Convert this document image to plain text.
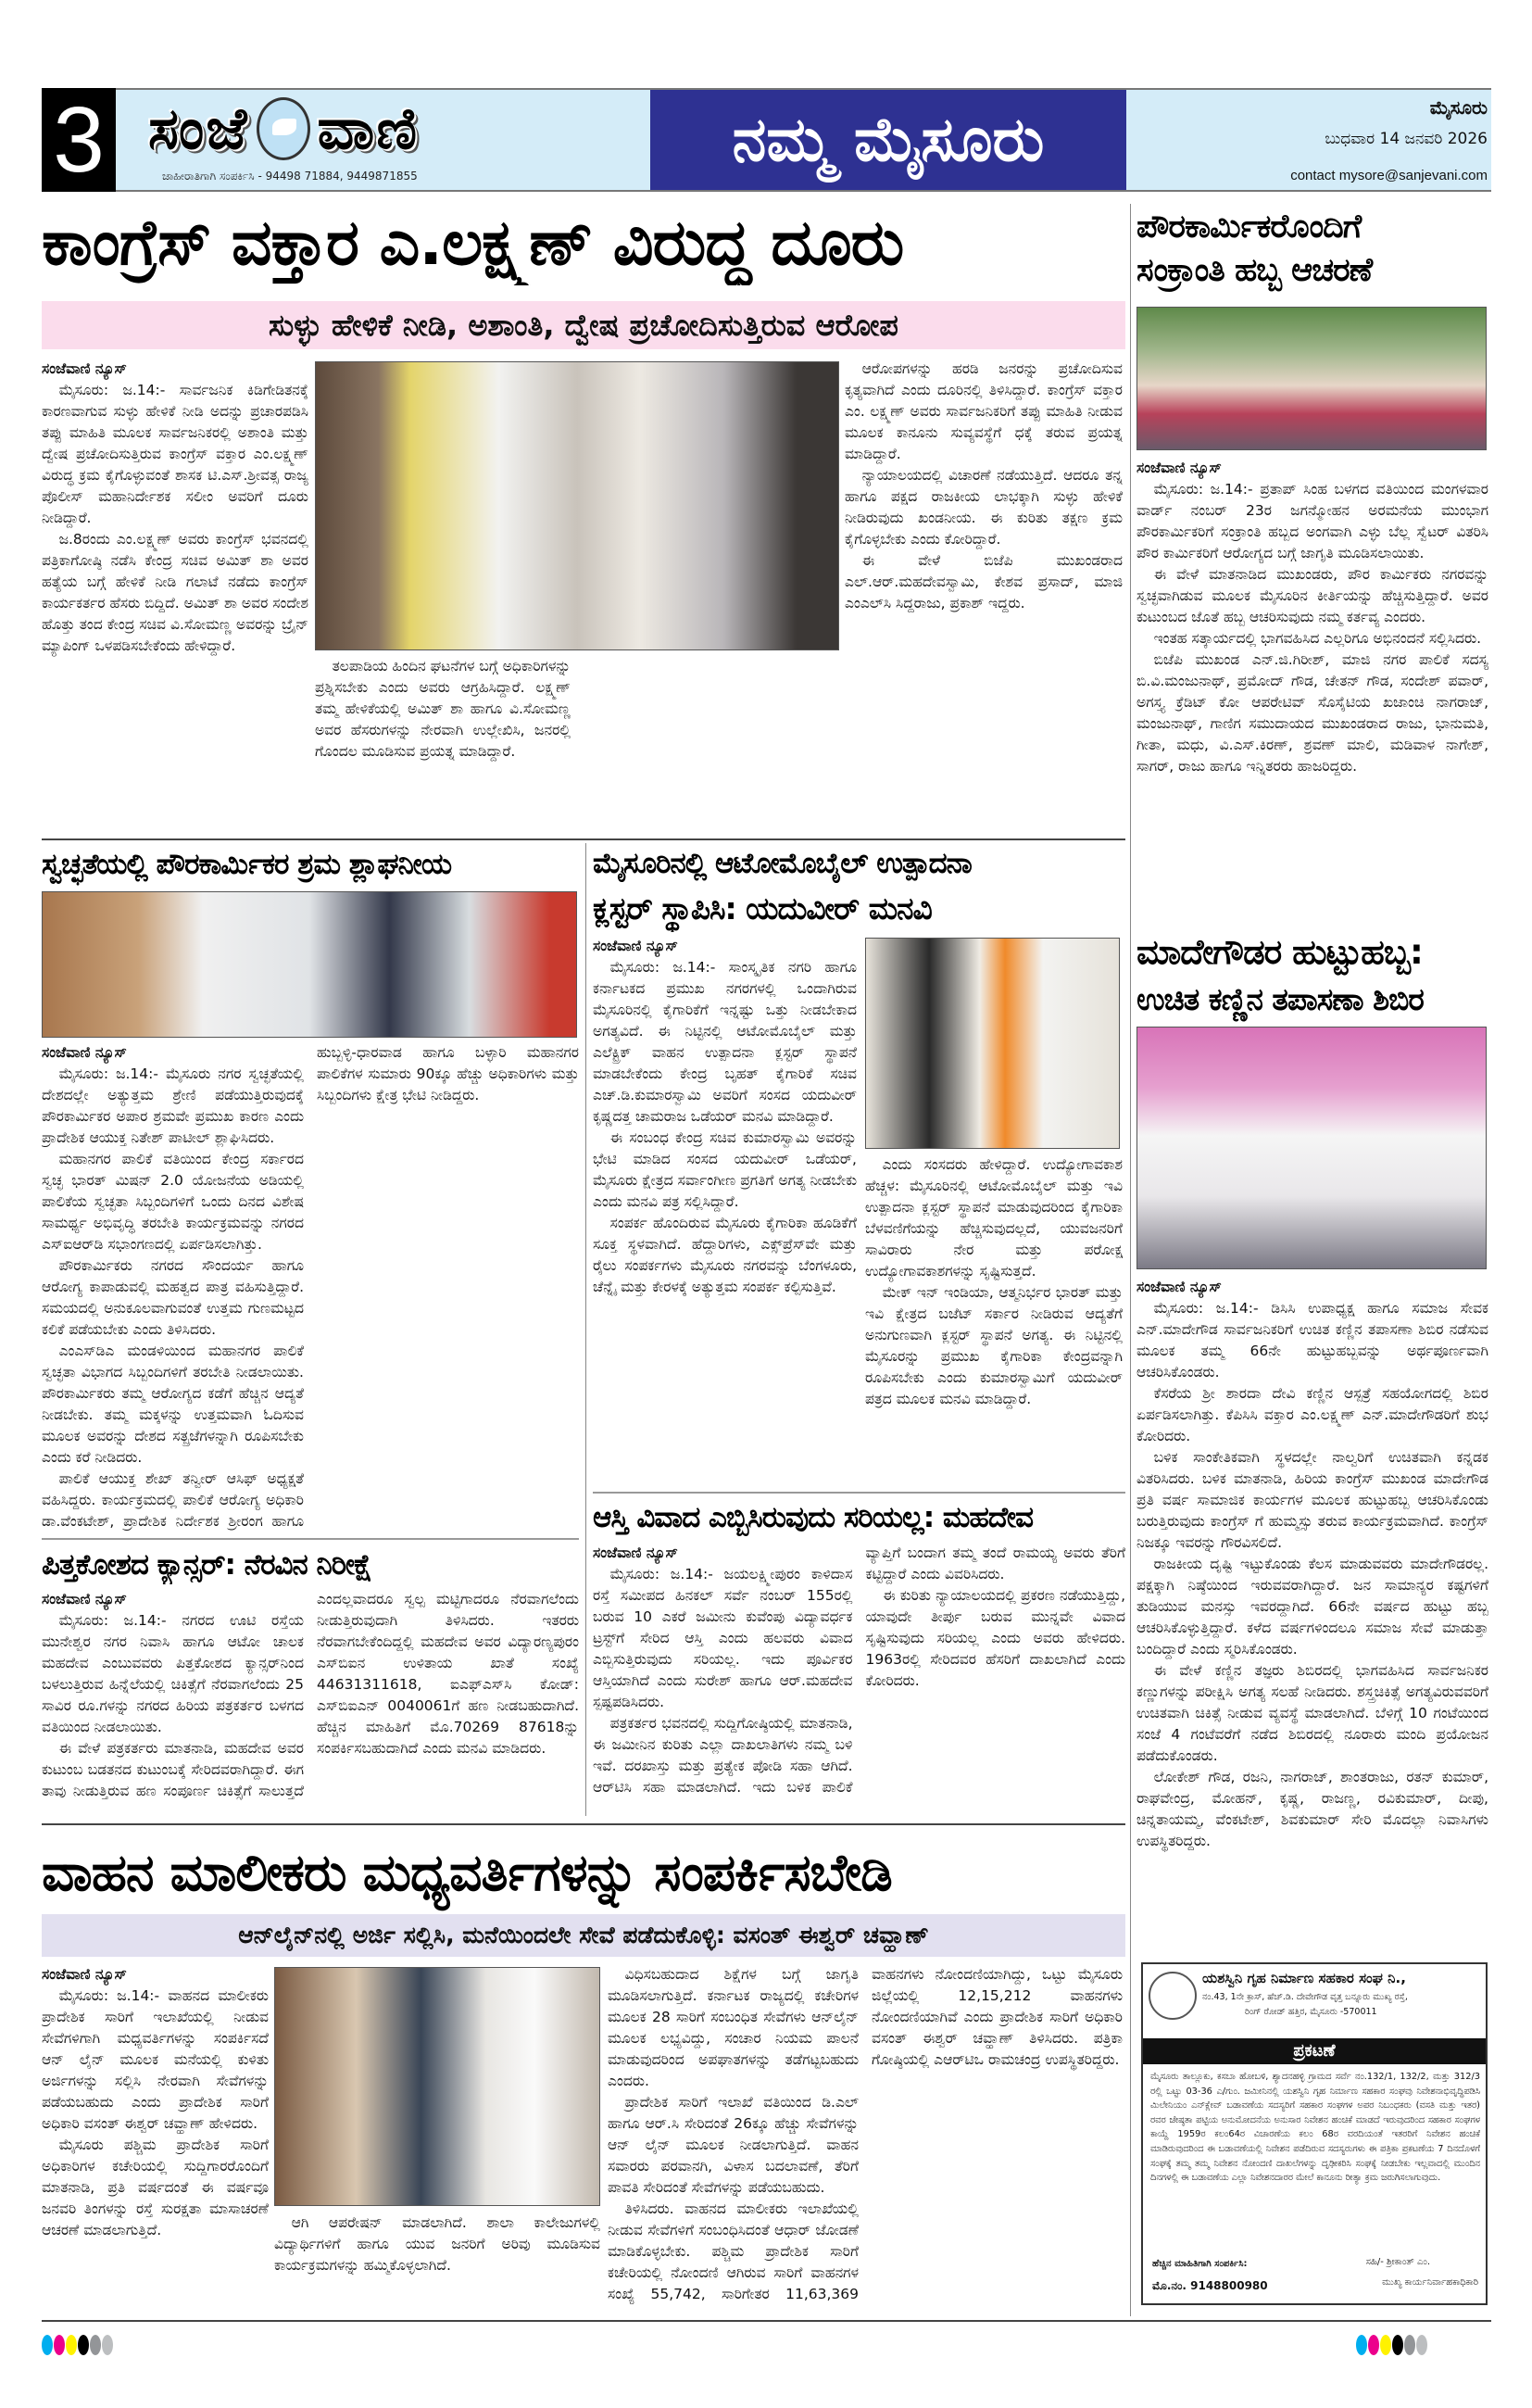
3 ಸಂಜೆ ವಾಣಿ
ಜಾಹೀರಾತಿಗಾಗಿ ಸಂಪರ್ಕಿಸಿ - 94498 71884, 9449871855
ನಮ್ಮ ಮೈಸೂರು	ಮೈಸೂರು
ಬುಧವಾರ 14 ಜನವರಿ 2026
contact mysore@sanjevani.com
ಕಾಂಗ್ರೆಸ್ ವಕ್ತಾರ ಎ.ಲಕ್ಷ್ಮಣ್ ವಿರುದ್ಧ ದೂರು
ಸುಳ್ಳು ಹೇಳಿಕೆ ನೀಡಿ, ಅಶಾಂತಿ, ದ್ವೇಷ ಪ್ರಚೋದಿಸುತ್ತಿರುವ ಆರೋಪ

ಸಂಜೆವಾಣಿ ನ್ಯೂಸ್

ಮೈಸೂರು: ಜ.14:- ಸಾರ್ವಜನಿಕ ಕಿಡಿಗೇಡಿತನಕ್ಕೆ ಕಾರಣವಾಗುವ ಸುಳ್ಳು ಹೇಳಿಕೆ ನೀಡಿ ಅದನ್ನು ಪ್ರಚಾರಪಡಿಸಿ ತಪ್ಪು ಮಾಹಿತಿ ಮೂಲಕ ಸಾರ್ವಜನಿಕರಲ್ಲಿ ಅಶಾಂತಿ ಮತ್ತು ದ್ವೇಷ ಪ್ರಚೋದಿಸುತ್ತಿರುವ ಕಾಂಗ್ರೆಸ್ ವಕ್ತಾರ ಎಂ.ಲಕ್ಷ್ಮಣ್ ವಿರುದ್ಧ ಕ್ರಮ ಕೈಗೊಳ್ಳುವಂತೆ ಶಾಸಕ ಟಿ.ಎಸ್.ಶ್ರೀವತ್ಸ ರಾಜ್ಯ ಪೊಲೀಸ್ ಮಹಾನಿರ್ದೇಶಕ ಸಲೀಂ ಅವರಿಗೆ ದೂರು ನೀಡಿದ್ದಾರೆ.

ಜ.8ರಂದು ಎಂ.ಲಕ್ಷ್ಮಣ್ ಅವರು ಕಾಂಗ್ರೆಸ್ ಭವನದಲ್ಲಿ ಪತ್ರಿಕಾಗೋಷ್ಠಿ ನಡೆಸಿ ಕೇಂದ್ರ ಸಚಿವ ಅಮಿತ್ ಶಾ ಅವರ ಹತ್ಯೆಯ ಬಗ್ಗೆ ಹೇಳಿಕೆ ನೀಡಿ ಗಲಾಟೆ ನಡೆದು ಕಾಂಗ್ರೆಸ್ ಕಾರ್ಯಕರ್ತರ ಹೆಸರು ಬಿದ್ದಿದೆ. ಅಮಿತ್ ಶಾ ಅವರ ಸಂದೇಶ ಹೊತ್ತು ತಂದ ಕೇಂದ್ರ ಸಚಿವ ವಿ.ಸೋಮಣ್ಣ ಅವರನ್ನು ಬ್ರೈನ್ ಮ್ಯಾಪಿಂಗ್ ಒಳಪಡಿಸಬೇಕೆಂದು ಹೇಳಿದ್ದಾರೆ.

ತಲಪಾಡಿಯ ಹಿಂದಿನ ಘಟನೆಗಳ ಬಗ್ಗೆ ಅಧಿಕಾರಿಗಳನ್ನು ಪ್ರಶ್ನಿಸಬೇಕು ಎಂದು ಅವರು ಆಗ್ರಹಿಸಿದ್ದಾರೆ. ಲಕ್ಷ್ಮಣ್ ತಮ್ಮ ಹೇಳಿಕೆಯಲ್ಲಿ ಅಮಿತ್ ಶಾ ಹಾಗೂ ವಿ.ಸೋಮಣ್ಣ ಅವರ ಹೆಸರುಗಳನ್ನು ನೇರವಾಗಿ ಉಲ್ಲೇಖಿಸಿ, ಜನರಲ್ಲಿ ಗೊಂದಲ ಮೂಡಿಸುವ ಪ್ರಯತ್ನ ಮಾಡಿದ್ದಾರೆ.

ಆರೋಪಗಳನ್ನು ಹರಡಿ ಜನರನ್ನು ಪ್ರಚೋದಿಸುವ ಕೃತ್ಯವಾಗಿದೆ ಎಂದು ದೂರಿನಲ್ಲಿ ತಿಳಿಸಿದ್ದಾರೆ. ಕಾಂಗ್ರೆಸ್ ವಕ್ತಾರ ಎಂ. ಲಕ್ಷ್ಮಣ್ ಅವರು ಸಾರ್ವಜನಿಕರಿಗೆ ತಪ್ಪು ಮಾಹಿತಿ ನೀಡುವ ಮೂಲಕ ಕಾನೂನು ಸುವ್ಯವಸ್ಥೆಗೆ ಧಕ್ಕೆ ತರುವ ಪ್ರಯತ್ನ ಮಾಡಿದ್ದಾರೆ.

ನ್ಯಾಯಾಲಯದಲ್ಲಿ ವಿಚಾರಣೆ ನಡೆಯುತ್ತಿದೆ. ಆದರೂ ತನ್ನ ಹಾಗೂ ಪಕ್ಷದ ರಾಜಕೀಯ ಲಾಭಕ್ಕಾಗಿ ಸುಳ್ಳು ಹೇಳಿಕೆ ನೀಡಿರುವುದು ಖಂಡನೀಯ. ಈ ಕುರಿತು ತಕ್ಷಣ ಕ್ರಮ ಕೈಗೊಳ್ಳಬೇಕು ಎಂದು ಕೋರಿದ್ದಾರೆ.

ಈ ವೇಳೆ ಬಿಜೆಪಿ ಮುಖಂಡರಾದ ಎಲ್.ಆರ್.ಮಹದೇವಸ್ವಾಮಿ, ಕೇಶವ ಪ್ರಸಾದ್, ಮಾಜಿ ಎಂಎಲ್‌ಸಿ ಸಿದ್ದರಾಜು, ಪ್ರಕಾಶ್ ಇದ್ದರು.

ಪೌರಕಾರ್ಮಿಕರೊಂದಿಗೆ
ಸಂಕ್ರಾಂತಿ ಹಬ್ಬ ಆಚರಣೆ

ಸಂಜೆವಾಣಿ ನ್ಯೂಸ್

ಮೈಸೂರು: ಜ.14:- ಪ್ರತಾಪ್ ಸಿಂಹ ಬಳಗದ ವತಿಯಿಂದ ಮಂಗಳವಾರ ವಾರ್ಡ್ ನಂಬರ್ 23ರ ಜಗನ್ಮೋಹನ ಅರಮನೆಯ ಮುಂಭಾಗ ಪೌರಕಾರ್ಮಿಕರಿಗೆ ಸಂಕ್ರಾಂತಿ ಹಬ್ಬದ ಅಂಗವಾಗಿ ಎಳ್ಳು ಬೆಲ್ಲ ಸ್ವೆಟರ್ ವಿತರಿಸಿ ಪೌರ ಕಾರ್ಮಿಕರಿಗೆ ಆರೋಗ್ಯದ ಬಗ್ಗೆ ಜಾಗೃತಿ ಮೂಡಿಸಲಾಯಿತು.

ಈ ವೇಳೆ ಮಾತನಾಡಿದ ಮುಖಂಡರು, ಪೌರ ಕಾರ್ಮಿಕರು ನಗರವನ್ನು ಸ್ವಚ್ಛವಾಗಿಡುವ ಮೂಲಕ ಮೈಸೂರಿನ ಕೀರ್ತಿಯನ್ನು ಹೆಚ್ಚಿಸುತ್ತಿದ್ದಾರೆ. ಅವರ ಕುಟುಂಬದ ಜೊತೆ ಹಬ್ಬ ಆಚರಿಸುವುದು ನಮ್ಮ ಕರ್ತವ್ಯ ಎಂದರು.

ಇಂತಹ ಸತ್ಕಾರ್ಯದಲ್ಲಿ ಭಾಗವಹಿಸಿದ ಎಲ್ಲರಿಗೂ ಅಭಿನಂದನೆ ಸಲ್ಲಿಸಿದರು.

ಬಿಜೆಪಿ ಮುಖಂಡ ಎನ್.ಜಿ.ಗಿರೀಶ್, ಮಾಜಿ ನಗರ ಪಾಲಿಕೆ ಸದಸ್ಯ ಬಿ.ವಿ.ಮಂಜುನಾಥ್, ಪ್ರಮೋದ್ ಗೌಡ, ಚೇತನ್ ಗೌಡ, ಸಂದೇಶ್ ಪವಾರ್, ಅಗಸ್ತ್ಯ ಕ್ರೆಡಿಟ್ ಕೋ ಆಪರೇಟಿವ್ ಸೊಸೈಟಿಯ ಖಜಾಂಚಿ ನಾಗರಾಜ್, ಮಂಜುನಾಥ್, ಗಾಣಿಗ ಸಮುದಾಯದ ಮುಖಂಡರಾದ ರಾಜು, ಭಾನುಮತಿ, ಗೀತಾ, ಮಧು, ವಿ.ಎಸ್.ಕಿರಣ್, ಶ್ರವಣ್ ಮಾಲಿ, ಮಡಿವಾಳ ನಾಗೇಶ್, ಸಾಗರ್, ರಾಜು ಹಾಗೂ ಇನ್ನಿತರರು ಹಾಜರಿದ್ದರು.

ಮಾದೇಗೌಡರ ಹುಟ್ಟುಹಬ್ಬ:
ಉಚಿತ ಕಣ್ಣಿನ ತಪಾಸಣಾ ಶಿಬಿರ

ಸಂಜೆವಾಣಿ ನ್ಯೂಸ್

ಮೈಸೂರು: ಜ.14:- ಡಿಸಿಸಿ ಉಪಾಧ್ಯಕ್ಷ ಹಾಗೂ ಸಮಾಜ ಸೇವಕ ಎನ್.ಮಾದೇಗೌಡ ಸಾರ್ವಜನಿಕರಿಗೆ ಉಚಿತ ಕಣ್ಣಿನ ತಪಾಸಣಾ ಶಿಬಿರ ನಡೆಸುವ ಮೂಲಕ ತಮ್ಮ 66ನೇ ಹುಟ್ಟುಹಬ್ಬವನ್ನು ಅರ್ಥಪೂರ್ಣವಾಗಿ ಆಚರಿಸಿಕೊಂಡರು.

ಕೆಸರೆಯ ಶ್ರೀ ಶಾರದಾ ದೇವಿ ಕಣ್ಣಿನ ಆಸ್ಪತ್ರೆ ಸಹಯೋಗದಲ್ಲಿ ಶಿಬಿರ ಏರ್ಪಡಿಸಲಾಗಿತ್ತು. ಕೆಪಿಸಿಸಿ ವಕ್ತಾರ ಎಂ.ಲಕ್ಷ್ಮಣ್ ಎನ್.ಮಾದೇಗೌಡರಿಗೆ ಶುಭ ಕೋರಿದರು.

ಬಳಿಕ ಸಾಂಕೇತಿಕವಾಗಿ ಸ್ಥಳದಲ್ಲೇ ನಾಲ್ವರಿಗೆ ಉಚಿತವಾಗಿ ಕನ್ನಡಕ ವಿತರಿಸಿದರು. ಬಳಿಕ ಮಾತನಾಡಿ, ಹಿರಿಯ ಕಾಂಗ್ರೆಸ್ ಮುಖಂಡ ಮಾದೇಗೌಡ ಪ್ರತಿ ವರ್ಷ ಸಾಮಾಜಿಕ ಕಾರ್ಯಗಳ ಮೂಲಕ ಹುಟ್ಟುಹಬ್ಬ ಆಚರಿಸಿಕೊಂಡು ಬರುತ್ತಿರುವುದು ಕಾಂಗ್ರೆಸ್ ಗೆ ಹುಮ್ಮಸ್ಸು ತರುವ ಕಾರ್ಯಕ್ರಮವಾಗಿದೆ. ಕಾಂಗ್ರೆಸ್ ನಿಜಕ್ಕೂ ಇವರನ್ನು ಗೌರವಿಸಲಿದೆ.

ರಾಜಕೀಯ ದೃಷ್ಟಿ ಇಟ್ಟುಕೊಂಡು ಕೆಲಸ ಮಾಡುವವರು ಮಾದೇಗೌಡರಲ್ಲ. ಪಕ್ಷಕ್ಕಾಗಿ ನಿಷ್ಠೆಯಿಂದ ಇರುವವರಾಗಿದ್ದಾರೆ. ಜನ ಸಾಮಾನ್ಯರ ಕಷ್ಟಗಳಿಗೆ ತುಡಿಯುವ ಮನಸ್ಸು ಇವರದ್ದಾಗಿದೆ. 66ನೇ ವರ್ಷದ ಹುಟ್ಟು ಹಬ್ಬ ಆಚರಿಸಿಕೊಳ್ಳುತ್ತಿದ್ದಾರೆ. ಕಳೆದ ವರ್ಷಗಳಿಂದಲೂ ಸಮಾಜ ಸೇವೆ ಮಾಡುತ್ತಾ ಬಂದಿದ್ದಾರೆ ಎಂದು ಸ್ಮರಿಸಿಕೊಂಡರು.

ಈ ವೇಳೆ ಕಣ್ಣಿನ ತಜ್ಞರು ಶಿಬಿರದಲ್ಲಿ ಭಾಗವಹಿಸಿದ ಸಾರ್ವಜನಿಕರ ಕಣ್ಣುಗಳನ್ನು ಪರೀಕ್ಷಿಸಿ ಅಗತ್ಯ ಸಲಹೆ ನೀಡಿದರು. ಶಸ್ತ್ರಚಿಕಿತ್ಸೆ ಅಗತ್ಯವಿರುವವರಿಗೆ ಉಚಿತವಾಗಿ ಚಿಕಿತ್ಸೆ ನೀಡುವ ವ್ಯವಸ್ಥೆ ಮಾಡಲಾಗಿದೆ. ಬೆಳಿಗ್ಗೆ 10 ಗಂಟೆಯಿಂದ ಸಂಜೆ 4 ಗಂಟೆವರೆಗೆ ನಡೆದ ಶಿಬಿರದಲ್ಲಿ ನೂರಾರು ಮಂದಿ ಪ್ರಯೋಜನ ಪಡೆದುಕೊಂಡರು.

ಲೋಕೇಶ್ ಗೌಡ, ರಜನಿ, ನಾಗರಾಜ್, ಶಾಂತರಾಜು, ರತನ್ ಕುಮಾರ್, ರಾಘವೇಂದ್ರ, ಮೋಹನ್, ಕೃಷ್ಣ, ರಾಜಣ್ಣ, ರವಿಕುಮಾರ್, ದೀಪು, ಚಿನ್ನತಾಯಮ್ಮ, ವೆಂಕಟೇಶ್, ಶಿವಕುಮಾರ್ ಸೇರಿ ಮೊದಲ್ಲಾ ನಿವಾಸಿಗಳು ಉಪಸ್ಥಿತರಿದ್ದರು.

ಯಶಸ್ವಿನಿ ಗೃಹ ನಿರ್ಮಾಣ ಸಹಕಾರ ಸಂಘ ನಿ.,
ನಂ.43, 1ನೇ ಕ್ರಾಸ್, ಹೆಚ್.ಡಿ. ದೇವೇಗೌಡ ವೃತ್ತ ಬನ್ನೂರು ಮುಖ್ಯ ರಸ್ತೆ,
ರಿಂಗ್ ರೋಡ್ ಹತ್ತಿರ, ಮೈಸೂರು -570011
ಪ್ರಕಟಣೆ
ಮೈಸೂರು ತಾಲ್ಲೂಕು, ಕಸಬಾ ಹೋಬಳಿ, ಶ್ಯಾದನಹಳ್ಳಿ ಗ್ರಾಮದ ಸರ್ವೆ ನಂ.132/1, 132/2, ಮತ್ತು 312/3 ರಲ್ಲಿ ಒಟ್ಟು 03-36 ಎ/ಗುಂ. ಜಮೀನಿನಲ್ಲಿ ಯಶಸ್ವಿನಿ ಗೃಹ ನಿರ್ಮಾಣ ಸಹಕಾರ ಸಂಘವು ನಿವೇಶನಾಭಿವೃದ್ಧಿಪಡಿಸಿ ಮಿಲೇನಿಯಂ ಎನ್‌ಕ್ಲೇವ್ ಬಡಾವಣೆಯ ಸದಸ್ಯರಿಗೆ ಸಹಕಾರ ಸಂಘಗಳ ಅಪರ ನಿಬಂಧಕರು (ವಸತಿ ಮತ್ತು ಇತರ) ರವರ ಜೇಷ್ಠತಾ ಪಟ್ಟಿಯ ಅನುಮೋದನೆಯ ಅನುಸಾರ ನಿವೇಶನ ಹಂಚಿಕೆ ಮಾಡದೆ ಇರುವುದರಿಂದ ಸಹಕಾರ ಸಂಘಗಳ ಕಾಯ್ದೆ 1959ರ ಕಲಂ64ರ ವಿಚಾರಣೆಯ ಕಲಂ 68ರ ವರದಿಯಂತೆ ಇತರರಿಗೆ ನಿವೇಶನ ಹಂಚಿಕೆ ಮಾಡಿರುವುದರಿಂದ ಈ ಬಡಾವಣೆಯಲ್ಲಿ ನಿವೇಶನ ಪಡೆದಿರುವ ಸದಸ್ಯರುಗಳು ಈ ಪತ್ರಿಕಾ ಪ್ರಕಟಣೆಯ 7 ದಿನದೊಳಗೆ ಸಂಘಕ್ಕೆ ತಮ್ಮ ತಮ್ಮ ನಿವೇಶನ ನೋಂದಣಿ ದಾಖಲೆಗಳನ್ನು ದೃಢೀಕರಿಸಿ ಸಂಘಕ್ಕೆ ನೀಡಬೇಕು ಇಲ್ಲವಾದಲ್ಲಿ ಮುಂದಿನ ದಿನಗಳಲ್ಲಿ ಈ ಬಡಾವಣೆಯ ಎಲ್ಲಾ ನಿವೇಶನದಾರರ ಮೇಲೆ ಕಾನೂನು ರೀತ್ಯಾ ಕ್ರಮ ಜರುಗಿಸಲಾಗುವುದು.
ಹೆಚ್ಚಿನ ಮಾಹಿತಿಗಾಗಿ ಸಂಪರ್ಕಿಸಿ:
ಮೊ.ನಂ. 9148800980
ಸಹಿ/- ಶ್ರೀಕಾಂತ್ ಎಂ.
ಮುಖ್ಯ ಕಾರ್ಯನಿರ್ವಾಹಕಾಧಿಕಾರಿ
ಸ್ವಚ್ಛತೆಯಲ್ಲಿ ಪೌರಕಾರ್ಮಿಕರ ಶ್ರಮ ಶ್ಲಾಘನೀಯ

ಸಂಜೆವಾಣಿ ನ್ಯೂಸ್

ಮೈಸೂರು: ಜ.14:- ಮೈಸೂರು ನಗರ ಸ್ವಚ್ಛತೆಯಲ್ಲಿ ದೇಶದಲ್ಲೇ ಅತ್ಯುತ್ತಮ ಶ್ರೇಣಿ ಪಡೆಯುತ್ತಿರುವುದಕ್ಕೆ ಪೌರಕಾರ್ಮಿಕರ ಅಪಾರ ಶ್ರಮವೇ ಪ್ರಮುಖ ಕಾರಣ ಎಂದು ಪ್ರಾದೇಶಿಕ ಆಯುಕ್ತ ನಿತೇಶ್ ಪಾಟೀಲ್ ಶ್ಲಾಘಿಸಿದರು.

ಮಹಾನಗರ ಪಾಲಿಕೆ ವತಿಯಿಂದ ಕೇಂದ್ರ ಸರ್ಕಾರದ ಸ್ವಚ್ಛ ಭಾರತ್ ಮಿಷನ್ 2.0 ಯೋಜನೆಯ ಅಡಿಯಲ್ಲಿ ಪಾಲಿಕೆಯ ಸ್ವಚ್ಛತಾ ಸಿಬ್ಬಂದಿಗಳಿಗೆ ಒಂದು ದಿನದ ವಿಶೇಷ ಸಾಮರ್ಥ್ಯ ಅಭಿವೃದ್ಧಿ ತರಬೇತಿ ಕಾರ್ಯಕ್ರಮವನ್ನು ನಗರದ ಎಸ್‌ಐಆರ್‌ಡಿ ಸಭಾಂಗಣದಲ್ಲಿ ಏರ್ಪಡಿಸಲಾಗಿತ್ತು.

ಪೌರಕಾರ್ಮಿಕರು ನಗರದ ಸೌಂದರ್ಯ ಹಾಗೂ ಆರೋಗ್ಯ ಕಾಪಾಡುವಲ್ಲಿ ಮಹತ್ವದ ಪಾತ್ರ ವಹಿಸುತ್ತಿದ್ದಾರೆ. ಸಮಯದಲ್ಲಿ ಅನುಕೂಲವಾಗುವಂತೆ ಉತ್ತಮ ಗುಣಮಟ್ಟದ ಕಲಿಕೆ ಪಡೆಯಬೇಕು ಎಂದು ತಿಳಿಸಿದರು.

ಎಂಎಸ್‌ಡಿಎ ಮಂಡಳಿಯಿಂದ ಮಹಾನಗರ ಪಾಲಿಕೆ ಸ್ವಚ್ಛತಾ ವಿಭಾಗದ ಸಿಬ್ಬಂದಿಗಳಿಗೆ ತರಬೇತಿ ನೀಡಲಾಯಿತು. ಪೌರಕಾರ್ಮಿಕರು ತಮ್ಮ ಆರೋಗ್ಯದ ಕಡೆಗೆ ಹೆಚ್ಚಿನ ಆದ್ಯತೆ ನೀಡಬೇಕು. ತಮ್ಮ ಮಕ್ಕಳನ್ನು ಉತ್ತಮವಾಗಿ ಓದಿಸುವ ಮೂಲಕ ಅವರನ್ನು ದೇಶದ ಸತ್ಪ್ರಜೆಗಳನ್ನಾಗಿ ರೂಪಿಸಬೇಕು ಎಂದು ಕರೆ ನೀಡಿದರು.

ಪಾಲಿಕೆ ಆಯುಕ್ತ ಶೇಖ್ ತನ್ವೀರ್ ಆಸಿಫ್ ಅಧ್ಯಕ್ಷತೆ ವಹಿಸಿದ್ದರು. ಕಾರ್ಯಕ್ರಮದಲ್ಲಿ ಪಾಲಿಕೆ ಆರೋಗ್ಯ ಅಧಿಕಾರಿ ಡಾ.ವೆಂಕಟೇಶ್, ಪ್ರಾದೇಶಿಕ ನಿರ್ದೇಶಕ ಶ್ರೀರಂಗ ಹಾಗೂ ಹುಬ್ಬಳ್ಳಿ-ಧಾರವಾಡ ಹಾಗೂ ಬಳ್ಳಾರಿ ಮಹಾನಗರ ಪಾಲಿಕೆಗಳ ಸುಮಾರು 90ಕ್ಕೂ ಹೆಚ್ಚು ಅಧಿಕಾರಿಗಳು ಮತ್ತು ಸಿಬ್ಬಂದಿಗಳು ಕ್ಷೇತ್ರ ಭೇಟಿ ನೀಡಿದ್ದರು.

ಪಿತ್ತಕೋಶದ ಕ್ಯಾನ್ಸರ್: ನೆರವಿನ ನಿರೀಕ್ಷೆ

ಸಂಜೆವಾಣಿ ನ್ಯೂಸ್

ಮೈಸೂರು: ಜ.14:- ನಗರದ ಊಟಿ ರಸ್ತೆಯ ಮುನೇಶ್ವರ ನಗರ ನಿವಾಸಿ ಹಾಗೂ ಆಟೋ ಚಾಲಕ ಮಹದೇವ ಎಂಬುವವರು ಪಿತ್ತಕೋಶದ ಕ್ಯಾನ್ಸರ್‌ನಿಂದ ಬಳಲುತ್ತಿರುವ ಹಿನ್ನೆಲೆಯಲ್ಲಿ ಚಿಕಿತ್ಸೆಗೆ ನೆರವಾಗಲೆಂದು 25 ಸಾವಿರ ರೂ.ಗಳನ್ನು ನಗರದ ಹಿರಿಯ ಪತ್ರಕರ್ತರ ಬಳಗದ ವತಿಯಿಂದ ನೀಡಲಾಯಿತು.

ಈ ವೇಳೆ ಪತ್ರಕರ್ತರು ಮಾತನಾಡಿ, ಮಹದೇವ ಅವರ ಕುಟುಂಬ ಬಡತನದ ಕುಟುಂಬಕ್ಕೆ ಸೇರಿದವರಾಗಿದ್ದಾರೆ. ಈಗ ತಾವು ನೀಡುತ್ತಿರುವ ಹಣ ಸಂಪೂರ್ಣ ಚಿಕಿತ್ಸೆಗೆ ಸಾಲುತ್ತದೆ ಎಂದಲ್ಲವಾದರೂ ಸ್ವಲ್ಪ ಮಟ್ಟಿಗಾದರೂ ನೆರವಾಗಲೆಂದು ನೀಡುತ್ತಿರುವುದಾಗಿ ತಿಳಿಸಿದರು. ಇತರರು ನೆರವಾಗಬೇಕೆಂದಿದ್ದಲ್ಲಿ ಮಹದೇವ ಅವರ ವಿದ್ಯಾರಣ್ಯಪುರಂ ಎಸ್‌ಬಿಐನ ಉಳಿತಾಯ ಖಾತೆ ಸಂಖ್ಯೆ 44631311618, ಐಎಫ್‌ಎಸ್‌ಸಿ ಕೋಡ್: ಎಸ್‌ಬಿಐಎನ್ 0040061ಗೆ ಹಣ ನೀಡಬಹುದಾಗಿದೆ. ಹೆಚ್ಚಿನ ಮಾಹಿತಿಗೆ ಮೊ.70269 87618ನ್ನು ಸಂಪರ್ಕಿಸಬಹುದಾಗಿದೆ ಎಂದು ಮನವಿ ಮಾಡಿದರು.

ಮೈಸೂರಿನಲ್ಲಿ ಆಟೋಮೊಬೈಲ್ ಉತ್ಪಾದನಾ
ಕ್ಲಸ್ಟರ್ ಸ್ಥಾಪಿಸಿ: ಯದುವೀರ್ ಮನವಿ

ಸಂಜೆವಾಣಿ ನ್ಯೂಸ್

ಮೈಸೂರು: ಜ.14:- ಸಾಂಸ್ಕೃತಿಕ ನಗರಿ ಹಾಗೂ ಕರ್ನಾಟಕದ ಪ್ರಮುಖ ನಗರಗಳಲ್ಲಿ ಒಂದಾಗಿರುವ ಮೈಸೂರಿನಲ್ಲಿ ಕೈಗಾರಿಕೆಗೆ ಇನ್ನಷ್ಟು ಒತ್ತು ನೀಡಬೇಕಾದ ಅಗತ್ಯವಿದೆ. ಈ ನಿಟ್ಟಿನಲ್ಲಿ ಆಟೋಮೊಬೈಲ್ ಮತ್ತು ಎಲೆಕ್ಟ್ರಿಕ್ ವಾಹನ ಉತ್ಪಾದನಾ ಕ್ಲಸ್ಟರ್ ಸ್ಥಾಪನೆ ಮಾಡಬೇಕೆಂದು ಕೇಂದ್ರ ಬೃಹತ್ ಕೈಗಾರಿಕೆ ಸಚಿವ ಎಚ್.ಡಿ.ಕುಮಾರಸ್ವಾಮಿ ಅವರಿಗೆ ಸಂಸದ ಯದುವೀರ್ ಕೃಷ್ಣದತ್ತ ಚಾಮರಾಜ ಒಡೆಯರ್ ಮನವಿ ಮಾಡಿದ್ದಾರೆ.

ಈ ಸಂಬಂಧ ಕೇಂದ್ರ ಸಚಿವ ಕುಮಾರಸ್ವಾಮಿ ಅವರನ್ನು ಭೇಟಿ ಮಾಡಿದ ಸಂಸದ ಯದುವೀರ್ ಒಡೆಯರ್, ಮೈಸೂರು ಕ್ಷೇತ್ರದ ಸರ್ವಾಂಗೀಣ ಪ್ರಗತಿಗೆ ಅಗತ್ಯ ನೀಡಬೇಕು ಎಂದು ಮನವಿ ಪತ್ರ ಸಲ್ಲಿಸಿದ್ದಾರೆ.

ಸಂಪರ್ಕ ಹೊಂದಿರುವ ಮೈಸೂರು ಕೈಗಾರಿಕಾ ಹೂಡಿಕೆಗೆ ಸೂಕ್ತ ಸ್ಥಳವಾಗಿದೆ. ಹೆದ್ದಾರಿಗಳು, ಎಕ್ಸ್‌ಪ್ರೆಸ್‌ವೇ ಮತ್ತು ರೈಲು ಸಂಪರ್ಕಗಳು ಮೈಸೂರು ನಗರವನ್ನು ಬೆಂಗಳೂರು, ಚೆನ್ನೈ ಮತ್ತು ಕೇರಳಕ್ಕೆ ಅತ್ಯುತ್ತಮ ಸಂಪರ್ಕ ಕಲ್ಪಿಸುತ್ತಿವೆ.

ಎಂದು ಸಂಸದರು ಹೇಳಿದ್ದಾರೆ. ಉದ್ಯೋಗಾವಕಾಶ ಹೆಚ್ಚಳ: ಮೈಸೂರಿನಲ್ಲಿ ಆಟೋಮೊಬೈಲ್ ಮತ್ತು ಇವಿ ಉತ್ಪಾದನಾ ಕ್ಲಸ್ಟರ್ ಸ್ಥಾಪನೆ ಮಾಡುವುದರಿಂದ ಕೈಗಾರಿಕಾ ಬೆಳವಣಿಗೆಯನ್ನು ಹೆಚ್ಚಿಸುವುದಲ್ಲದೆ, ಯುವಜನರಿಗೆ ಸಾವಿರಾರು ನೇರ ಮತ್ತು ಪರೋಕ್ಷ ಉದ್ಯೋಗಾವಕಾಶಗಳನ್ನು ಸೃಷ್ಟಿಸುತ್ತದೆ.

ಮೇಕ್ ಇನ್ ಇಂಡಿಯಾ, ಆತ್ಮನಿರ್ಭರ ಭಾರತ್ ಮತ್ತು ಇವಿ ಕ್ಷೇತ್ರದ ಬಜೆಟ್ ಸರ್ಕಾರ ನೀಡಿರುವ ಆದ್ಯತೆಗೆ ಅನುಗುಣವಾಗಿ ಕ್ಲಸ್ಟರ್ ಸ್ಥಾಪನೆ ಅಗತ್ಯ. ಈ ನಿಟ್ಟಿನಲ್ಲಿ ಮೈಸೂರನ್ನು ಪ್ರಮುಖ ಕೈಗಾರಿಕಾ ಕೇಂದ್ರವನ್ನಾಗಿ ರೂಪಿಸಬೇಕು ಎಂದು ಕುಮಾರಸ್ವಾಮಿಗೆ ಯದುವೀರ್ ಪತ್ರದ ಮೂಲಕ ಮನವಿ ಮಾಡಿದ್ದಾರೆ.

ಆಸ್ತಿ ವಿವಾದ ಎಬ್ಬಿಸಿರುವುದು ಸರಿಯಲ್ಲ: ಮಹದೇವ

ಸಂಜೆವಾಣಿ ನ್ಯೂಸ್

ಮೈಸೂರು: ಜ.14:- ಜಯಲಕ್ಷ್ಮೀಪುರಂ ಕಾಳಿದಾಸ ರಸ್ತೆ ಸಮೀಪದ ಹಿನಕಲ್ ಸರ್ವೆ ನಂಬರ್ 155ರಲ್ಲಿ ಬರುವ 10 ಎಕರೆ ಜಮೀನು ಕುವೆಂಪು ವಿದ್ಯಾವರ್ಧಕ ಟ್ರಸ್ಟ್‌ಗೆ ಸೇರಿದ ಆಸ್ತಿ ಎಂದು ಹಲವರು ವಿವಾದ ಎಬ್ಬಿಸುತ್ತಿರುವುದು ಸರಿಯಲ್ಲ. ಇದು ಪೂರ್ವಿಕರ ಆಸ್ತಿಯಾಗಿದೆ ಎಂದು ಸುರೇಶ್ ಹಾಗೂ ಆರ್.ಮಹದೇವ ಸ್ಪಷ್ಟಪಡಿಸಿದರು.

ಪತ್ರಕರ್ತರ ಭವನದಲ್ಲಿ ಸುದ್ದಿಗೋಷ್ಠಿಯಲ್ಲಿ ಮಾತನಾಡಿ, ಈ ಜಮೀನಿನ ಕುರಿತು ಎಲ್ಲಾ ದಾಖಲಾತಿಗಳು ನಮ್ಮ ಬಳಿ ಇವೆ. ದರಖಾಸ್ತು ಮತ್ತು ಪ್ರತ್ಯೇಕ ಪೋಡಿ ಸಹಾ ಆಗಿದೆ. ಆರ್‌ಟಿಸಿ ಸಹಾ ಮಾಡಲಾಗಿದೆ. ಇದು ಬಳಿಕ ಪಾಲಿಕೆ ವ್ಯಾಪ್ತಿಗೆ ಬಂದಾಗ ತಮ್ಮ ತಂದೆ ರಾಮಯ್ಯ ಅವರು ತೆರಿಗೆ ಕಟ್ಟಿದ್ದಾರೆ ಎಂದು ವಿವರಿಸಿದರು.

ಈ ಕುರಿತು ನ್ಯಾಯಾಲಯದಲ್ಲಿ ಪ್ರಕರಣ ನಡೆಯುತ್ತಿದ್ದು, ಯಾವುದೇ ತೀರ್ಪು ಬರುವ ಮುನ್ನವೇ ವಿವಾದ ಸೃಷ್ಟಿಸುವುದು ಸರಿಯಲ್ಲ ಎಂದು ಅವರು ಹೇಳಿದರು. 1963ರಲ್ಲಿ ಸೇರಿದವರ ಹೆಸರಿಗೆ ದಾಖಲಾಗಿದೆ ಎಂದು ಕೋರಿದರು.

ವಾಹನ ಮಾಲೀಕರು ಮಧ್ಯವರ್ತಿಗಳನ್ನು ಸಂಪರ್ಕಿಸಬೇಡಿ
ಆನ್‌ಲೈನ್‌ನಲ್ಲಿ ಅರ್ಜಿ ಸಲ್ಲಿಸಿ, ಮನೆಯಿಂದಲೇ ಸೇವೆ ಪಡೆದುಕೊಳ್ಳಿ: ವಸಂತ್ ಈಶ್ವರ್ ಚವ್ಹಾಣ್

ಸಂಜೆವಾಣಿ ನ್ಯೂಸ್

ಮೈಸೂರು: ಜ.14:- ವಾಹನದ ಮಾಲೀಕರು ಪ್ರಾದೇಶಿಕ ಸಾರಿಗೆ ಇಲಾಖೆಯಲ್ಲಿ ನೀಡುವ ಸೇವೆಗಳಿಗಾಗಿ ಮಧ್ಯವರ್ತಿಗಳನ್ನು ಸಂಪರ್ಕಿಸದೆ ಆನ್ ಲೈನ್ ಮೂಲಕ ಮನೆಯಲ್ಲಿ ಕುಳಿತು ಅರ್ಜಿಗಳನ್ನು ಸಲ್ಲಿಸಿ ನೇರವಾಗಿ ಸೇವೆಗಳನ್ನು ಪಡೆಯಬಹುದು ಎಂದು ಪ್ರಾದೇಶಿಕ ಸಾರಿಗೆ ಅಧಿಕಾರಿ ವಸಂತ್ ಈಶ್ವರ್ ಚವ್ಹಾಣ್ ಹೇಳಿದರು.

ಮೈಸೂರು ಪಶ್ಚಿಮ ಪ್ರಾದೇಶಿಕ ಸಾರಿಗೆ ಅಧಿಕಾರಿಗಳ ಕಚೇರಿಯಲ್ಲಿ ಸುದ್ದಿಗಾರರೊಂದಿಗೆ ಮಾತನಾಡಿ, ಪ್ರತಿ ವರ್ಷದಂತೆ ಈ ವರ್ಷವೂ ಜನವರಿ ತಿಂಗಳನ್ನು ರಸ್ತೆ ಸುರಕ್ಷತಾ ಮಾಸಾಚರಣೆ ಆಚರಣೆ ಮಾಡಲಾಗುತ್ತಿದೆ.	ಆಗಿ ಆಪರೇಷನ್ ಮಾಡಲಾಗಿದೆ. ಶಾಲಾ ಕಾಲೇಜುಗಳಲ್ಲಿ ವಿದ್ಯಾರ್ಥಿಗಳಿಗೆ ಹಾಗೂ ಯುವ ಜನರಿಗೆ ಅರಿವು ಮೂಡಿಸುವ ಕಾರ್ಯಕ್ರಮಗಳನ್ನು ಹಮ್ಮಿಕೊಳ್ಳಲಾಗಿದೆ.

ವಿಧಿಸಬಹುದಾದ ಶಿಕ್ಷೆಗಳ ಬಗ್ಗೆ ಜಾಗೃತಿ ಮೂಡಿಸಲಾಗುತ್ತಿದೆ. ಕರ್ನಾಟಕ ರಾಜ್ಯದಲ್ಲಿ ಕಚೇರಿಗಳ ಮೂಲಕ 28 ಸಾರಿಗೆ ಸಂಬಂಧಿತ ಸೇವೆಗಳು ಆನ್‌ಲೈನ್ ಮೂಲಕ ಲಭ್ಯವಿದ್ದು, ಸಂಚಾರ ನಿಯಮ ಪಾಲನೆ ಮಾಡುವುದರಿಂದ ಅಪಘಾತಗಳನ್ನು ತಡೆಗಟ್ಟಬಹುದು ಎಂದರು.

ಪ್ರಾದೇಶಿಕ ಸಾರಿಗೆ ಇಲಾಖೆ ವತಿಯಿಂದ ಡಿ.ಎಲ್ ಹಾಗೂ ಆರ್.ಸಿ ಸೇರಿದಂತೆ 26ಕ್ಕೂ ಹೆಚ್ಚು ಸೇವೆಗಳನ್ನು ಆನ್ ಲೈನ್ ಮೂಲಕ ನೀಡಲಾಗುತ್ತಿದೆ. ವಾಹನ ಸವಾರರು ಪರವಾನಗಿ, ವಿಳಾಸ ಬದಲಾವಣೆ, ತೆರಿಗೆ ಪಾವತಿ ಸೇರಿದಂತೆ ಸೇವೆಗಳನ್ನು ಪಡೆಯಬಹುದು.

ತಿಳಿಸಿದರು. ವಾಹನದ ಮಾಲೀಕರು ಇಲಾಖೆಯಲ್ಲಿ ನೀಡುವ ಸೇವೆಗಳಿಗೆ ಸಂಬಂಧಿಸಿದಂತೆ ಆಧಾರ್ ಜೋಡಣೆ ಮಾಡಿಕೊಳ್ಳಬೇಕು. ಪಶ್ಚಿಮ ಪ್ರಾದೇಶಿಕ ಸಾರಿಗೆ ಕಚೇರಿಯಲ್ಲಿ ನೋಂದಣಿ ಆಗಿರುವ ಸಾರಿಗೆ ವಾಹನಗಳ ಸಂಖ್ಯೆ 55,742, ಸಾರಿಗೇತರ 11,63,369 ವಾಹನಗಳು ನೋಂದಣಿಯಾಗಿದ್ದು, ಒಟ್ಟು ಮೈಸೂರು ಜಿಲ್ಲೆಯಲ್ಲಿ 12,15,212 ವಾಹನಗಳು ನೋಂದಣಿಯಾಗಿವೆ ಎಂದು ಪ್ರಾದೇಶಿಕ ಸಾರಿಗೆ ಅಧಿಕಾರಿ ವಸಂತ್ ಈಶ್ವರ್ ಚವ್ಹಾಣ್ ತಿಳಿಸಿದರು. ಪತ್ರಿಕಾ ಗೋಷ್ಠಿಯಲ್ಲಿ ಎಆರ್‌ಟಿಒ ರಾಮಚಂದ್ರ ಉಪಸ್ಥಿತರಿದ್ದರು.
